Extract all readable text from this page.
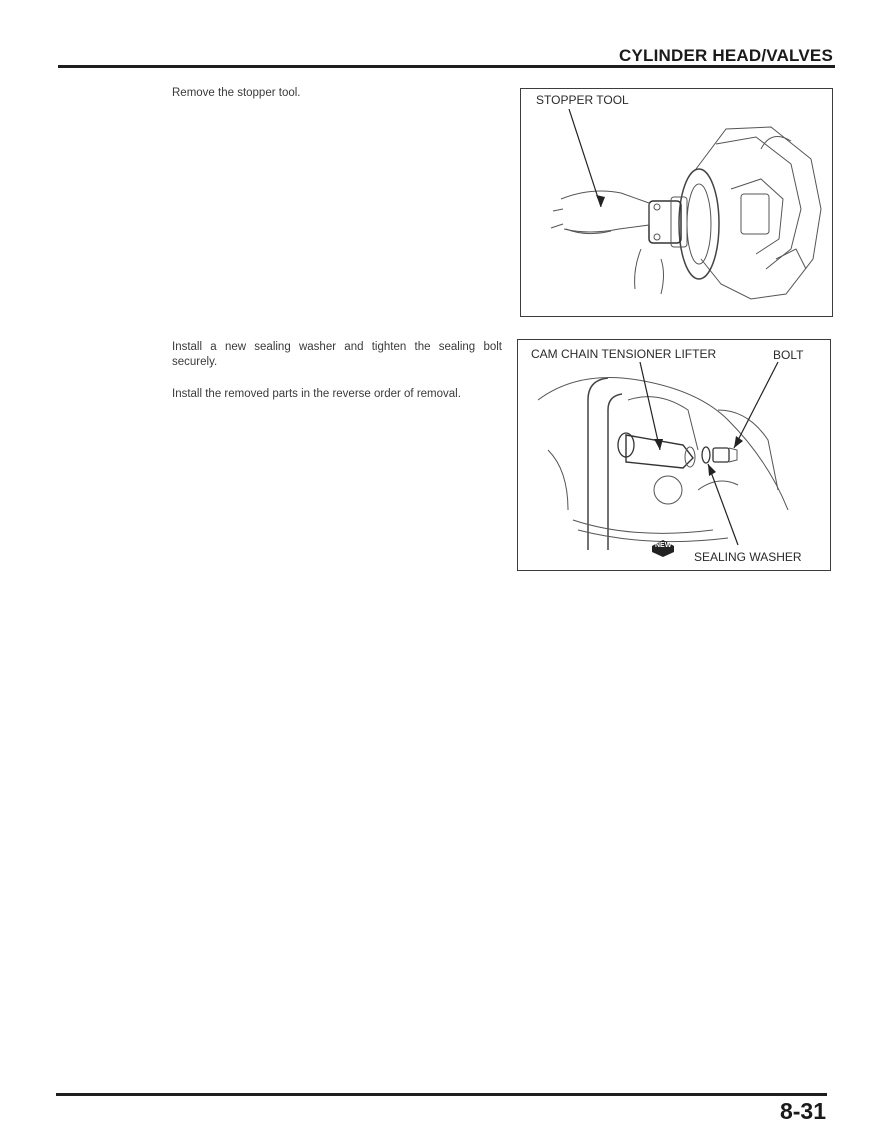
CYLINDER HEAD/VALVES

Remove the stopper tool.

Install a new sealing washer and tighten the sealing bolt securely.

Install the removed parts in the reverse order of removal.

STOPPER TOOL
CAM CHAIN TENSIONER LIFTER	BOLT
SEALING WASHER
NEW
8-31
